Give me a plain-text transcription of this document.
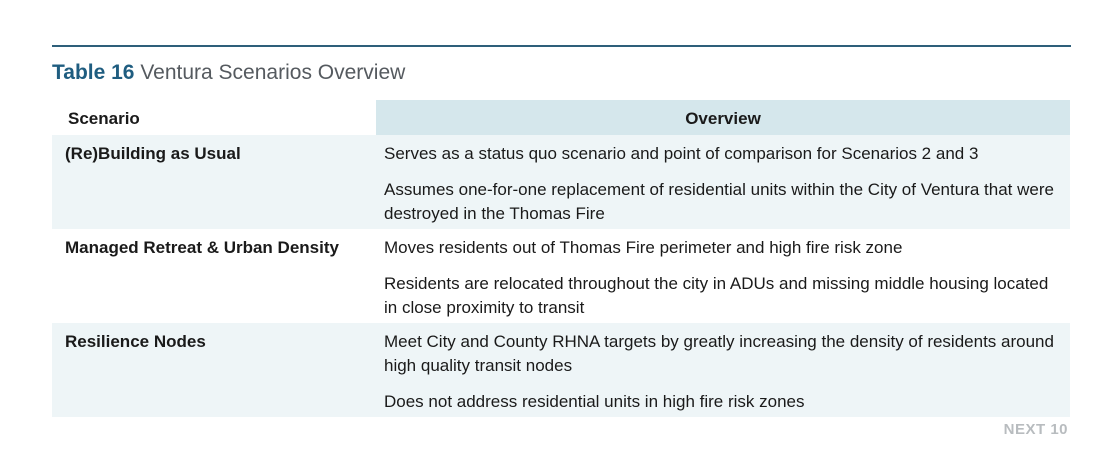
Table 16 Ventura Scenarios Overview
Scenario	Overview
(Re)Building as Usual	Serves as a status quo scenario and point of comparison for Scenarios 2 and 3

Assumes one-for-one replacement of residential units within the City of Ventura that were destroyed in the Thomas Fire

Managed Retreat & Urban Density	Moves residents out of Thomas Fire perimeter and high fire risk zone

Residents are relocated throughout the city in ADUs and missing middle housing located in close proximity to transit

Resilience Nodes	Meet City and County RHNA targets by greatly increasing the density of residents around high quality transit nodes

Does not address residential units in high fire risk zones

NEXT 10
